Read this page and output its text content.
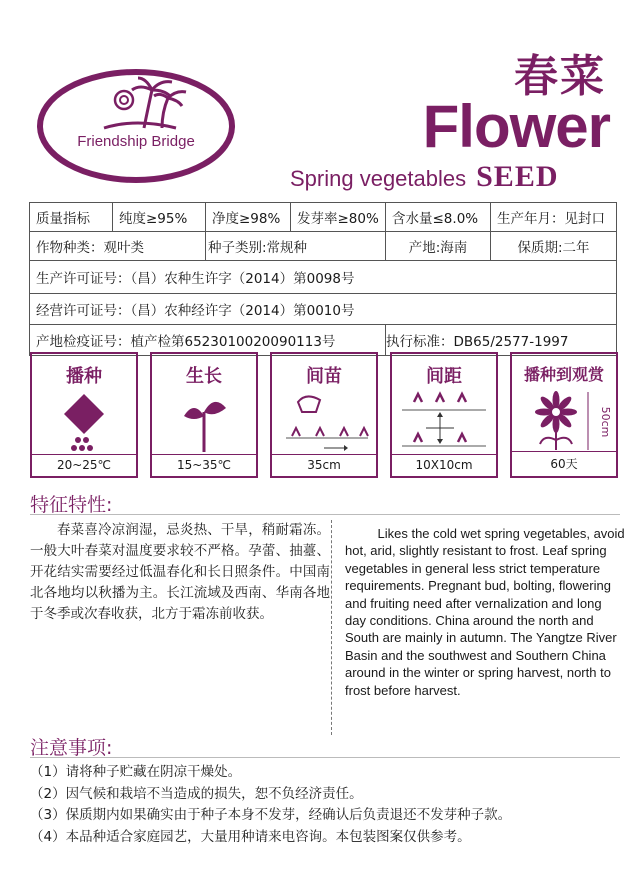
Friendship Bridge
春菜
Flower
Spring vegetables SEED
质量指标	纯度≥95%	净度≥98%	发芽率≥80%	含水量≤8.0%	生产年月：见封口
作物种类：观叶类		种子类别:常规种		产地:海南	保质期:二年
生产许可证号：（昌）农种生许字（2014）第0098号					
经营许可证号：（昌）农种经许字（2014）第0010号					
产地检疫证号：植产检第6523010020090113号				执行标准：DB65/2577-1997	
播种
20~25℃
生长
15~35℃
间苗
35cm
间距
10X10cm
播种到观赏
50cm
60天
特征特性:
春菜喜冷凉润湿，忌炎热、干旱，稍耐霜冻。一般大叶春菜对温度要求较不严格。孕蕾、抽薹、开花结实需要经过低温春化和长日照条件。中国南北各地均以秋播为主。长江流域及西南、华南各地于冬季或次春收获，北方于霜冻前收获。
Likes the cold wet spring vegetables, avoid hot, arid, slightly resistant to frost. Leaf spring vegetables in general less strict temperature requirements. Pregnant bud, bolting, flowering and fruiting need after vernalization and long day conditions. China around the north and South are mainly in autumn. The Yangtze River Basin and the southwest and Southern China around in the winter or spring harvest, north to frost before harvest.
注意事项:
（1）请将种子贮藏在阴凉干燥处。
（2）因气候和栽培不当造成的损失，恕不负经济责任。
（3）保质期内如果确实由于种子本身不发芽，经确认后负责退还不发芽种子款。
（4）本品种适合家庭园艺，大量用种请来电咨询。本包装图案仅供参考。
